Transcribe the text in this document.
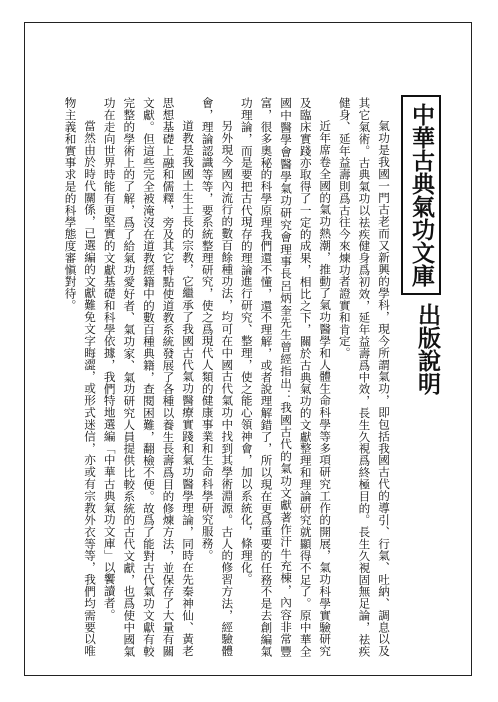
中華古典氣功文庫
出版說明

氣功是我國一門古老而又新興的學科，現今所謂氣功，即包括我國古代的導引、行氣、吐納、調息以及其它氣術。古典氣功以祛疾健身爲初效，延年益壽爲中效，長生久視爲終極目的。長生久視固無足論，祛疾健身、延年益壽則爲古往今來煉功者證實和肯定。

近年席卷全國的氣功熱潮，推動了氣功醫學和人體生命科學等多項研究工作的開展，氣功科學實驗研究及臨床實踐亦取得了一定的成果，相比之下，關於古典氣功的文獻整理和理論研究就顯得不足了。原中華全國中醫學會醫學氣功研究會理事長呂炳奎先生曾經指出：我國古代的氣功文獻著作汗牛充棟，內容非常豐富，很多奧秘的科學原理我們還不懂，還不理解，或者說理解錯了，所以現在更爲重要的任務不是去創編氣功理論，而是要把古代現存的理論進行研究、整理，使之能心領神會，加以系統化，條理化。

另外現今國內流行的數百餘種功法，均可在中國古代氣功中找到其學術淵源。古人的修習方法，經驗體會，理論認識等等，要系統整理研究，使之爲現代人類的健康事業和生命科學研究服務。

道教是我國土生土長的宗教，它繼承了我國古代氣功醫療實踐和氣功醫學理論，同時在先秦神仙、黃老思想基礎上融和儒釋，旁及其它特點使道教系統發展了各種以養生長壽爲目的修煉方法，並保存了大量有關文獻。但這些完全被淹沒在道教經籍中的數百種典籍，查閱困難，翻檢不便。故爲了能對古代氣功文獻有較完整的學術上的了解，爲了給氣功愛好者、氣功家、氣功研究人員提供比較系統的古代文獻，也爲使中國氣功在走向世界時能有更堅實的文獻基礎和科學依據，我們特地選編「中華古典氣功文庫」以饗讀者。

當然由於時代關係，已選編的文獻難免文字晦澀，或形式迷信，亦或有宗教外衣等等，我們均需要以唯物主義和實事求是的科學態度審愼對待。
